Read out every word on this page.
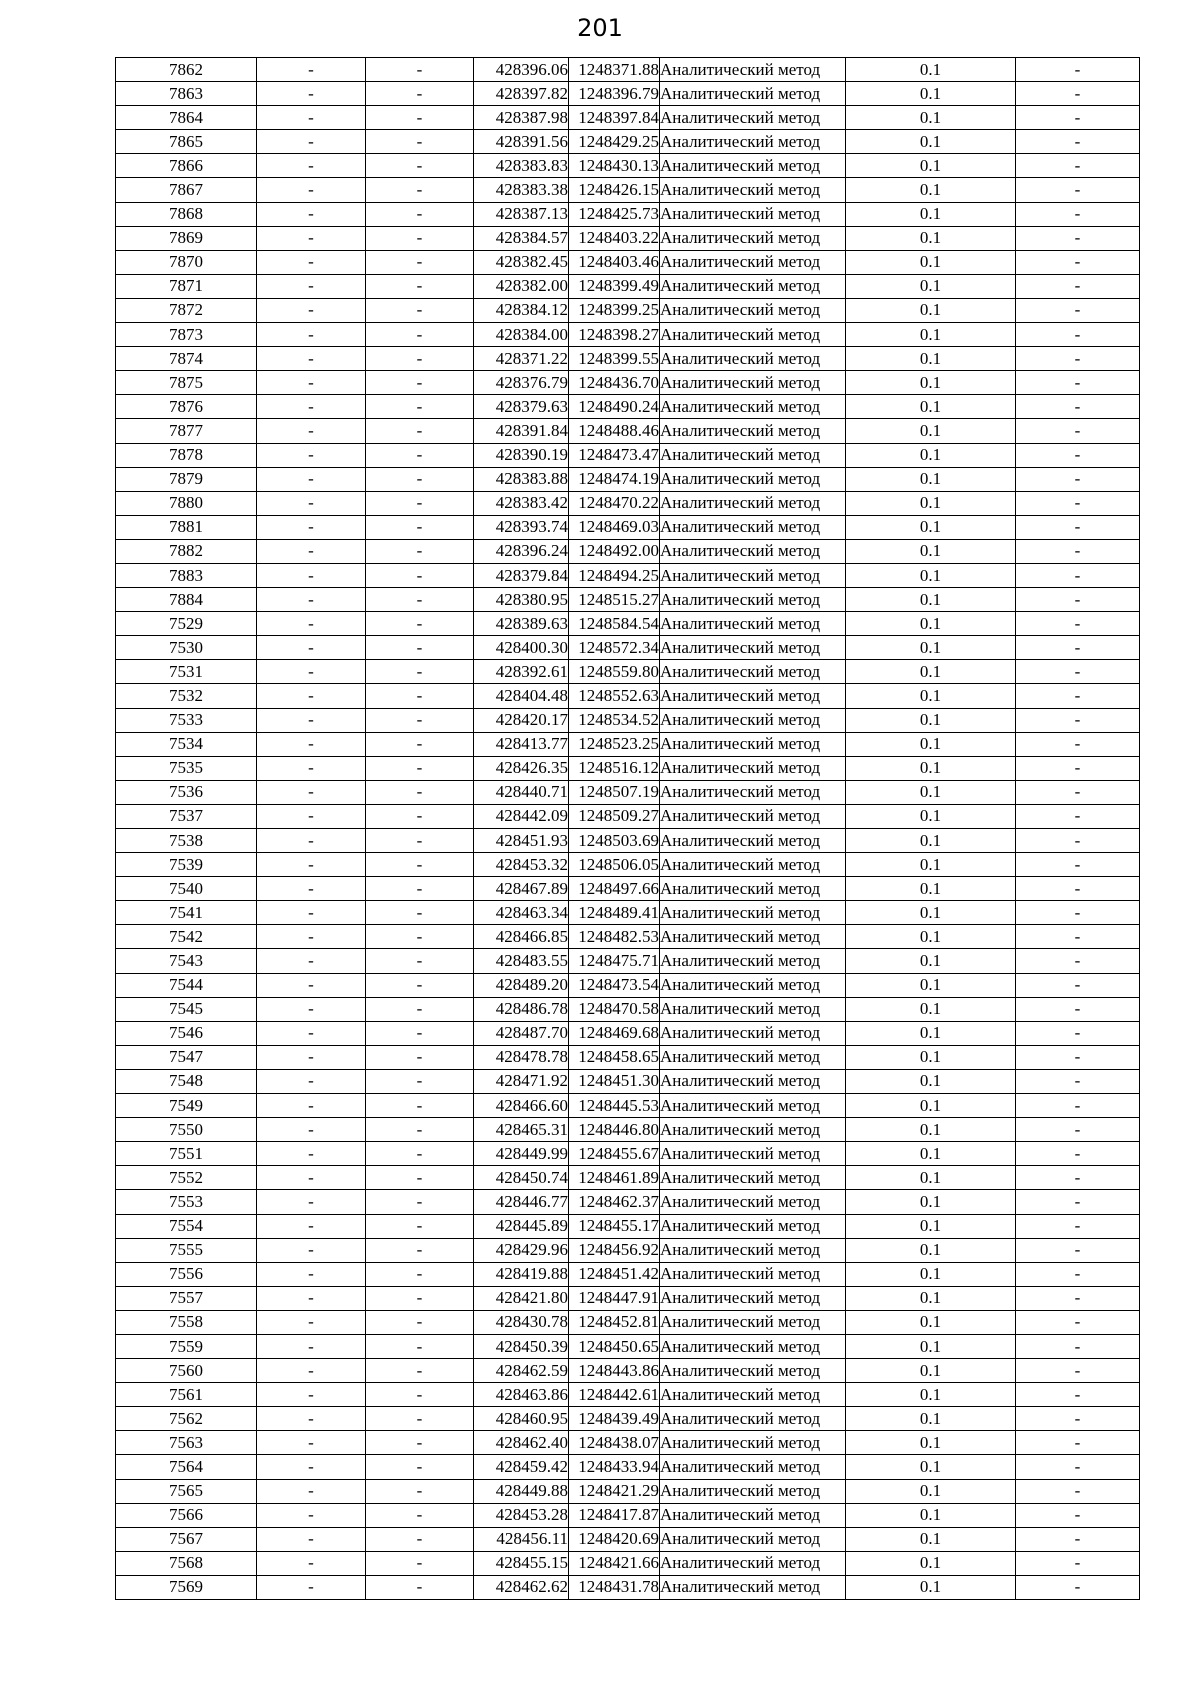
201
7862	-	-	428396.06	1248371.88	Аналитический метод	0.1	-
7863	-	-	428397.82	1248396.79	Аналитический метод	0.1	-
7864	-	-	428387.98	1248397.84	Аналитический метод	0.1	-
7865	-	-	428391.56	1248429.25	Аналитический метод	0.1	-
7866	-	-	428383.83	1248430.13	Аналитический метод	0.1	-
7867	-	-	428383.38	1248426.15	Аналитический метод	0.1	-
7868	-	-	428387.13	1248425.73	Аналитический метод	0.1	-
7869	-	-	428384.57	1248403.22	Аналитический метод	0.1	-
7870	-	-	428382.45	1248403.46	Аналитический метод	0.1	-
7871	-	-	428382.00	1248399.49	Аналитический метод	0.1	-
7872	-	-	428384.12	1248399.25	Аналитический метод	0.1	-
7873	-	-	428384.00	1248398.27	Аналитический метод	0.1	-
7874	-	-	428371.22	1248399.55	Аналитический метод	0.1	-
7875	-	-	428376.79	1248436.70	Аналитический метод	0.1	-
7876	-	-	428379.63	1248490.24	Аналитический метод	0.1	-
7877	-	-	428391.84	1248488.46	Аналитический метод	0.1	-
7878	-	-	428390.19	1248473.47	Аналитический метод	0.1	-
7879	-	-	428383.88	1248474.19	Аналитический метод	0.1	-
7880	-	-	428383.42	1248470.22	Аналитический метод	0.1	-
7881	-	-	428393.74	1248469.03	Аналитический метод	0.1	-
7882	-	-	428396.24	1248492.00	Аналитический метод	0.1	-
7883	-	-	428379.84	1248494.25	Аналитический метод	0.1	-
7884	-	-	428380.95	1248515.27	Аналитический метод	0.1	-
7529	-	-	428389.63	1248584.54	Аналитический метод	0.1	-
7530	-	-	428400.30	1248572.34	Аналитический метод	0.1	-
7531	-	-	428392.61	1248559.80	Аналитический метод	0.1	-
7532	-	-	428404.48	1248552.63	Аналитический метод	0.1	-
7533	-	-	428420.17	1248534.52	Аналитический метод	0.1	-
7534	-	-	428413.77	1248523.25	Аналитический метод	0.1	-
7535	-	-	428426.35	1248516.12	Аналитический метод	0.1	-
7536	-	-	428440.71	1248507.19	Аналитический метод	0.1	-
7537	-	-	428442.09	1248509.27	Аналитический метод	0.1	-
7538	-	-	428451.93	1248503.69	Аналитический метод	0.1	-
7539	-	-	428453.32	1248506.05	Аналитический метод	0.1	-
7540	-	-	428467.89	1248497.66	Аналитический метод	0.1	-
7541	-	-	428463.34	1248489.41	Аналитический метод	0.1	-
7542	-	-	428466.85	1248482.53	Аналитический метод	0.1	-
7543	-	-	428483.55	1248475.71	Аналитический метод	0.1	-
7544	-	-	428489.20	1248473.54	Аналитический метод	0.1	-
7545	-	-	428486.78	1248470.58	Аналитический метод	0.1	-
7546	-	-	428487.70	1248469.68	Аналитический метод	0.1	-
7547	-	-	428478.78	1248458.65	Аналитический метод	0.1	-
7548	-	-	428471.92	1248451.30	Аналитический метод	0.1	-
7549	-	-	428466.60	1248445.53	Аналитический метод	0.1	-
7550	-	-	428465.31	1248446.80	Аналитический метод	0.1	-
7551	-	-	428449.99	1248455.67	Аналитический метод	0.1	-
7552	-	-	428450.74	1248461.89	Аналитический метод	0.1	-
7553	-	-	428446.77	1248462.37	Аналитический метод	0.1	-
7554	-	-	428445.89	1248455.17	Аналитический метод	0.1	-
7555	-	-	428429.96	1248456.92	Аналитический метод	0.1	-
7556	-	-	428419.88	1248451.42	Аналитический метод	0.1	-
7557	-	-	428421.80	1248447.91	Аналитический метод	0.1	-
7558	-	-	428430.78	1248452.81	Аналитический метод	0.1	-
7559	-	-	428450.39	1248450.65	Аналитический метод	0.1	-
7560	-	-	428462.59	1248443.86	Аналитический метод	0.1	-
7561	-	-	428463.86	1248442.61	Аналитический метод	0.1	-
7562	-	-	428460.95	1248439.49	Аналитический метод	0.1	-
7563	-	-	428462.40	1248438.07	Аналитический метод	0.1	-
7564	-	-	428459.42	1248433.94	Аналитический метод	0.1	-
7565	-	-	428449.88	1248421.29	Аналитический метод	0.1	-
7566	-	-	428453.28	1248417.87	Аналитический метод	0.1	-
7567	-	-	428456.11	1248420.69	Аналитический метод	0.1	-
7568	-	-	428455.15	1248421.66	Аналитический метод	0.1	-
7569	-	-	428462.62	1248431.78	Аналитический метод	0.1	-
